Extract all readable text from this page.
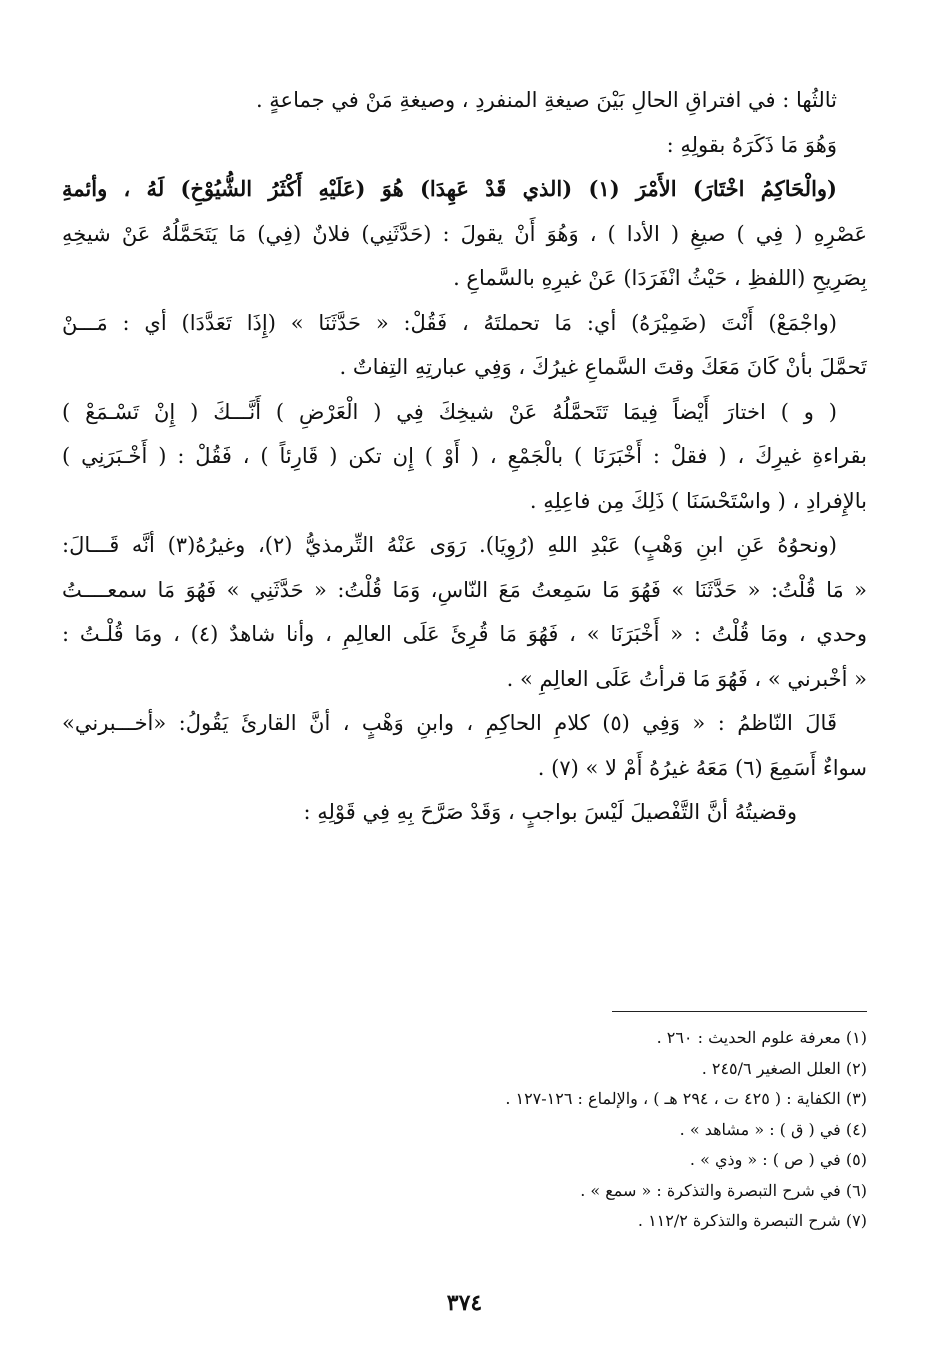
ثالثُها : في افتراقِ الحالِ بَيْنَ صيغةِ المنفردِ ، وصيغةِ مَنْ في جماعةٍ .
وَهُوَ مَا ذَكَرَهُ بقولِهِ :
(والْحَاكِمُ اخْتَارَ) الأَمْرَ (١) (الذي قَدْ عَهِدَا) هُوَ (عَلَيْهِ أَكْثَرُ الشُّيُوْخِ) لَهُ ، وأئمةِ
عَصْرِهِ ( فِي ) صيغِ ( الأدا ) ، وَهُوَ أَنْ يقولَ : (حَدَّثَنِي) فلانٌ (فِي) مَا يَتَحَمَّلُهُ عَنْ شيخِهِ
بِصَرِيحِ (اللفظِ ، حَيْثُ انْفَرَدَا) عَنْ غيرِهِ بالسَّماعِ .
(واجْمَعْ) أَنْتَ (ضَمِيْرَهُ) أي: مَا تحملتَهُ ، فَقُلْ: « حَدَّثَنَا » (إِذَا تَعَدَّدَا) أي : مَـــنْ
تَحمَّلَ بأنْ كَانَ مَعَكَ وقتَ السَّماعِ غيرُكَ ، وَفِي عبارتِهِ التِفاتٌ .
( و ) اختارَ أَيْضاً فِيمَا تَتَحمَّلُهُ عَنْ شيخِكَ فِي ( الْعَرْضِ ) أَنَّـــكَ ( إِنْ تَسْـمَعْ )
بقراءةِ غيرِكَ ، ( فقلْ : أَخْبَرَنَا ) بالْجَمْعِ ، ( أَوْ ) إِن تكن ( قَارِئاً ) ، فَقُلْ : ( أَخْـبَرَنِي )
بالإِفرادِ ، ( واسْتَحْسَنَا ) ذَلِكَ مِن فاعِلِهِ .
(ونحوُهُ عَنِ ابنِ وَهْبٍ) عَبْدِ اللهِ (رُوِيَا). رَوَى عَنْهُ التِّرمذيُّ (٢)، وغيرُهُ(٣) أنَّه قَـــالَ:
« مَا قُلْتُ: « حَدَّثَنَا » فَهُوَ مَا سَمِعتُ مَعَ النّاسِ، وَمَا قُلْتُ: « حَدَّثَنِي » فَهُوَ مَا سمعــــتُ
وحدي ، ومَا قُلْتُ : « أَخْبَرَنَا » ، فَهُوَ مَا قُرِئَ عَلَى العالِمِ ، وأنا شاهدٌ (٤) ، ومَا قُلْـتُ :
« أخْبرني » ، فَهُوَ مَا قرأتُ عَلَى العالِمِ » .
قَالَ النّاظمُ : « وَفِي (٥) كلامِ الحاكِمِ ، وابنِ وَهْبٍ ، أنَّ القارئَ يَقُولُ: «أخـــبرني»
سواءٌ أَسَمِعَ (٦) مَعَهُ غيرُهُ أَمْ لا » (٧) .
وقضيتُهُ أنَّ التَّفْصيلَ لَيْسَ بواجبٍ ، وَقَدْ صَرَّحَ بِهِ فِي قَوْلِهِ :
(١) معرفة علوم الحديث : ٢٦٠ .
(٢) العلل الصغير ٢٤٥/٦ .
(٣) الكفاية : ( ٤٢٥ ت ، ٢٩٤ هـ ) ، والإلماع : ١٢٦-١٢٧ .
(٤) في ( ق ) : « مشاهد » .
(٥) في ( ص ) : « وذي » .
(٦) في شرح التبصرة والتذكرة : « سمع » .
(٧) شرح التبصرة والتذكرة ١١٢/٢ .
٣٧٤
